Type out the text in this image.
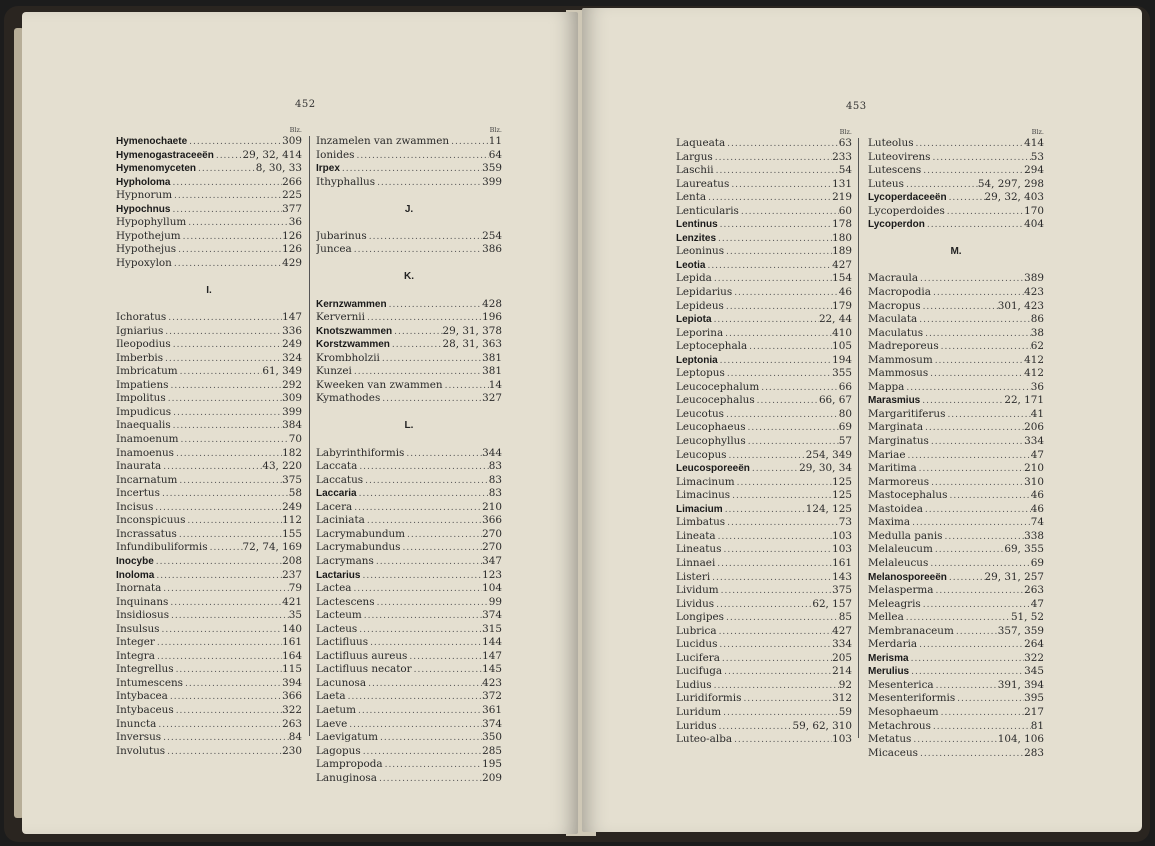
452
Blz.
Hymenochaete .....	309
Hymenogastraceeën .....	29, 32, 414
Hymenomyceten .....	8, 30, 33
Hypholoma .....	266
Hypnorum .....	225
Hypochnus .....	377
Hypophyllum .....	36
Hypothejum .....	126
Hypothejus .....	126
Hypoxylon .....	429
I.
Ichoratus .....	147
Igniarius .....	336
Ileopodius .....	249
Imberbis .....	324
Imbricatum .....	61, 349
Impatiens .....	292
Impolitus .....	309
Impudicus .....	399
Inaequalis .....	384
Inamoenum .....	70
Inamoenus .....	182
Inaurata .....	43, 220
Incarnatum .....	375
Incertus .....	58
Incisus .....	249
Inconspicuus .....	112
Incrassatus .....	155
Infundibuliformis .....	72, 74, 169
Inocybe .....	208
Inoloma .....	237
Inornata .....	79
Inquinans .....	421
Insidiosus .....	35
Insulsus .....	140
Integer .....	161
Integra .....	164
Integrellus .....	115
Intumescens .....	394
Intybacea .....	366
Intybaceus .....	322
Inuncta .....	263
Inversus .....	84
Involutus .....	230
Blz.
Inzamelen van zwammen .....	11
Ionides .....	64
Irpex .....	359
Ithyphallus .....	399
J.
Jubarinus .....	254
Juncea .....	386
K.
Kernzwammen .....	428
Kervernii .....	196
Knotszwammen .....	29, 31, 378
Korstzwammen .....	28, 31, 363
Krombholzii .....	381
Kunzei .....	381
Kweeken van zwammen .....	14
Kymathodes .....	327
L.
Labyrinthiformis .....	344
Laccata .....	83
Laccatus .....	83
Laccaria .....	83
Lacera .....	210
Laciniata .....	366
Lacrymabundum .....	270
Lacrymabundus .....	270
Lacrymans .....	347
Lactarius .....	123
Lactea .....	104
Lactescens .....	99
Lacteum .....	374
Lacteus .....	315
Lactifluus .....	144
Lactifluus aureus .....	147
Lactifluus necator .....	145
Lacunosa .....	423
Laeta .....	372
Laetum .....	361
Laeve .....	374
Laevigatum .....	350
Lagopus .....	285
Lampropoda .....	195
Lanuginosa .....	209
453
Blz.
Laqueata .....	63
Largus .....	233
Laschii .....	54
Laureatus .....	131
Lenta .....	219
Lenticularis .....	60
Lentinus .....	178
Lenzites .....	180
Leoninus .....	189
Leotia .....	427
Lepida .....	154
Lepidarius .....	46
Lepideus .....	179
Lepiota .....	22, 44
Leporina .....	410
Leptocephala .....	105
Leptonia .....	194
Leptopus .....	355
Leucocephalum .....	66
Leucocephalus .....	66, 67
Leucotus .....	80
Leucophaeus .....	69
Leucophyllus .....	57
Leucopus .....	254, 349
Leucosporeeën .....	29, 30, 34
Limacinum .....	125
Limacinus .....	125
Limacium .....	124, 125
Limbatus .....	73
Lineata .....	103
Lineatus .....	103
Linnaei .....	161
Listeri .....	143
Lividum .....	375
Lividus .....	62, 157
Longipes .....	85
Lubrica .....	427
Lucidus .....	334
Lucifera .....	205
Lucifuga .....	214
Ludius .....	92
Luridiformis .....	312
Luridum .....	59
Luridus .....	59, 62, 310
Luteo-alba .....	103
Blz.
Luteolus .....	414
Luteovirens .....	53
Lutescens .....	294
Luteus .....	54, 297, 298
Lycoperdaceeën .....	29, 32, 403
Lycoperdoides .....	170
Lycoperdon .....	404
M.
Macraula .....	389
Macropodia .....	423
Macropus .....	301, 423
Maculata .....	86
Maculatus .....	38
Madreporeus .....	62
Mammosum .....	412
Mammosus .....	412
Mappa .....	36
Marasmius .....	22, 171
Margaritiferus .....	41
Marginata .....	206
Marginatus .....	334
Mariae .....	47
Maritima .....	210
Marmoreus .....	310
Mastocephalus .....	46
Mastoidea .....	46
Maxima .....	74
Medulla panis .....	338
Melaleucum .....	69, 355
Melaleucus .....	69
Melanosporeeën .....	29, 31, 257
Melasperma .....	263
Meleagris .....	47
Mellea .....	51, 52
Membranaceum .....	357, 359
Merdaria .....	264
Merisma .....	322
Merulius .....	345
Mesenterica .....	391, 394
Mesenteriformis .....	395
Mesophaeum .....	217
Metachrous .....	81
Metatus .....	104, 106
Micaceus .....	283
